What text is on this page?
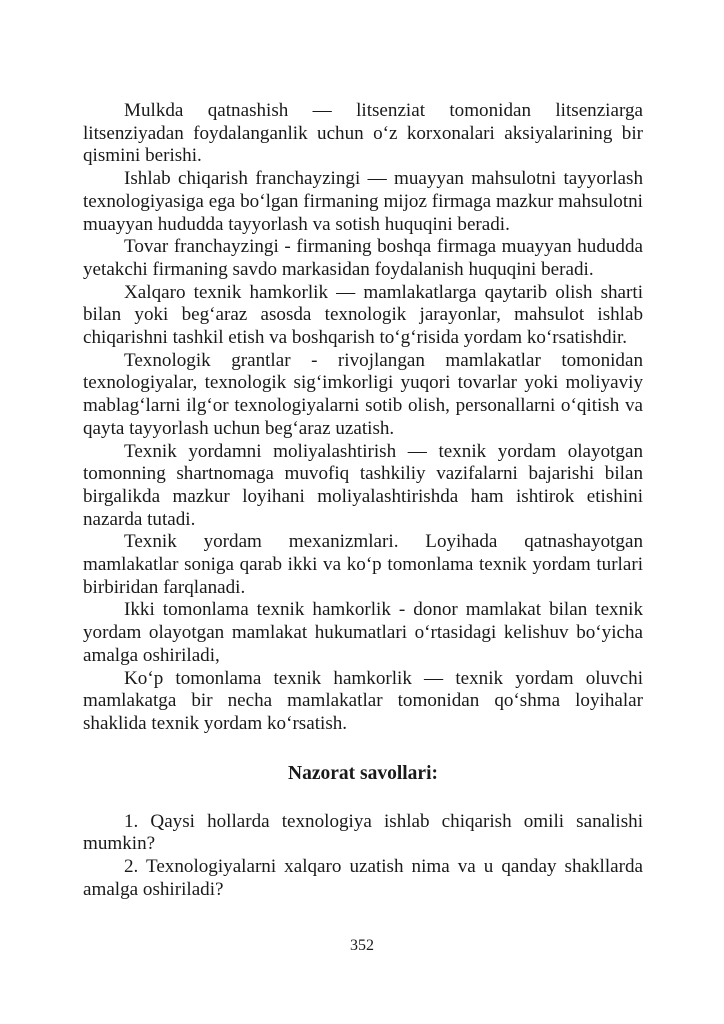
Mulkda qatnashish — litsenziat tomonidan litsenziarga litsenziyadan foydalanganlik uchun o‘z korxonalari aksiyalarining bir qismini berishi.

Ishlab chiqarish franchayzingi — muayyan mahsulotni tayyorlash texnologiyasiga ega bo‘lgan firmaning mijoz firmaga mazkur mahsulotni muayyan hududda tayyorlash va sotish huquqini beradi.

Tovar franchayzingi - firmaning boshqa firmaga muayyan hududda yetakchi firmaning savdo markasidan foydalanish huquqini beradi.

Xalqaro texnik hamkorlik — mamlakatlarga qaytarib olish sharti bilan yoki beg‘araz asosda texnologik jarayonlar, mahsulot ishlab chiqarishni tashkil etish va boshqarish to‘g‘risida yordam ko‘rsatishdir.

Texnologik grantlar - rivojlangan mamlakatlar tomonidan texnologiyalar, texnologik sig‘imkorligi yuqori tovarlar yoki moliyaviy mablag‘larni ilg‘or texnologiyalarni sotib olish, personallarni o‘qitish va qayta tayyorlash uchun beg‘araz uzatish.

Texnik yordamni moliyalashtirish — texnik yordam olayotgan tomonning shartnomaga muvofiq tashkiliy vazifalarni bajarishi bilan birgalikda mazkur loyihani moliyalashtirishda ham ishtirok etishini nazarda tutadi.

Texnik yordam mexanizmlari. Loyihada qatnashayotgan mamlakatlar soniga qarab ikki va ko‘p tomonlama texnik yordam turlari birbiridan farqlanadi.

Ikki tomonlama texnik hamkorlik - donor mamlakat bilan texnik yordam olayotgan mamlakat hukumatlari o‘rtasidagi kelishuv bo‘yicha amalga oshiriladi,

Ko‘p tomonlama texnik hamkorlik — texnik yordam oluvchi mamlakatga bir necha mamlakatlar tomonidan qo‘shma loyihalar shaklida texnik yordam ko‘rsatish.

Nazorat savollari:

1. Qaysi hollarda texnologiya ishlab chiqarish omili sanalishi mumkin?

2. Texnologiyalarni xalqaro uzatish nima va u qanday shakllarda amalga oshiriladi?

352
